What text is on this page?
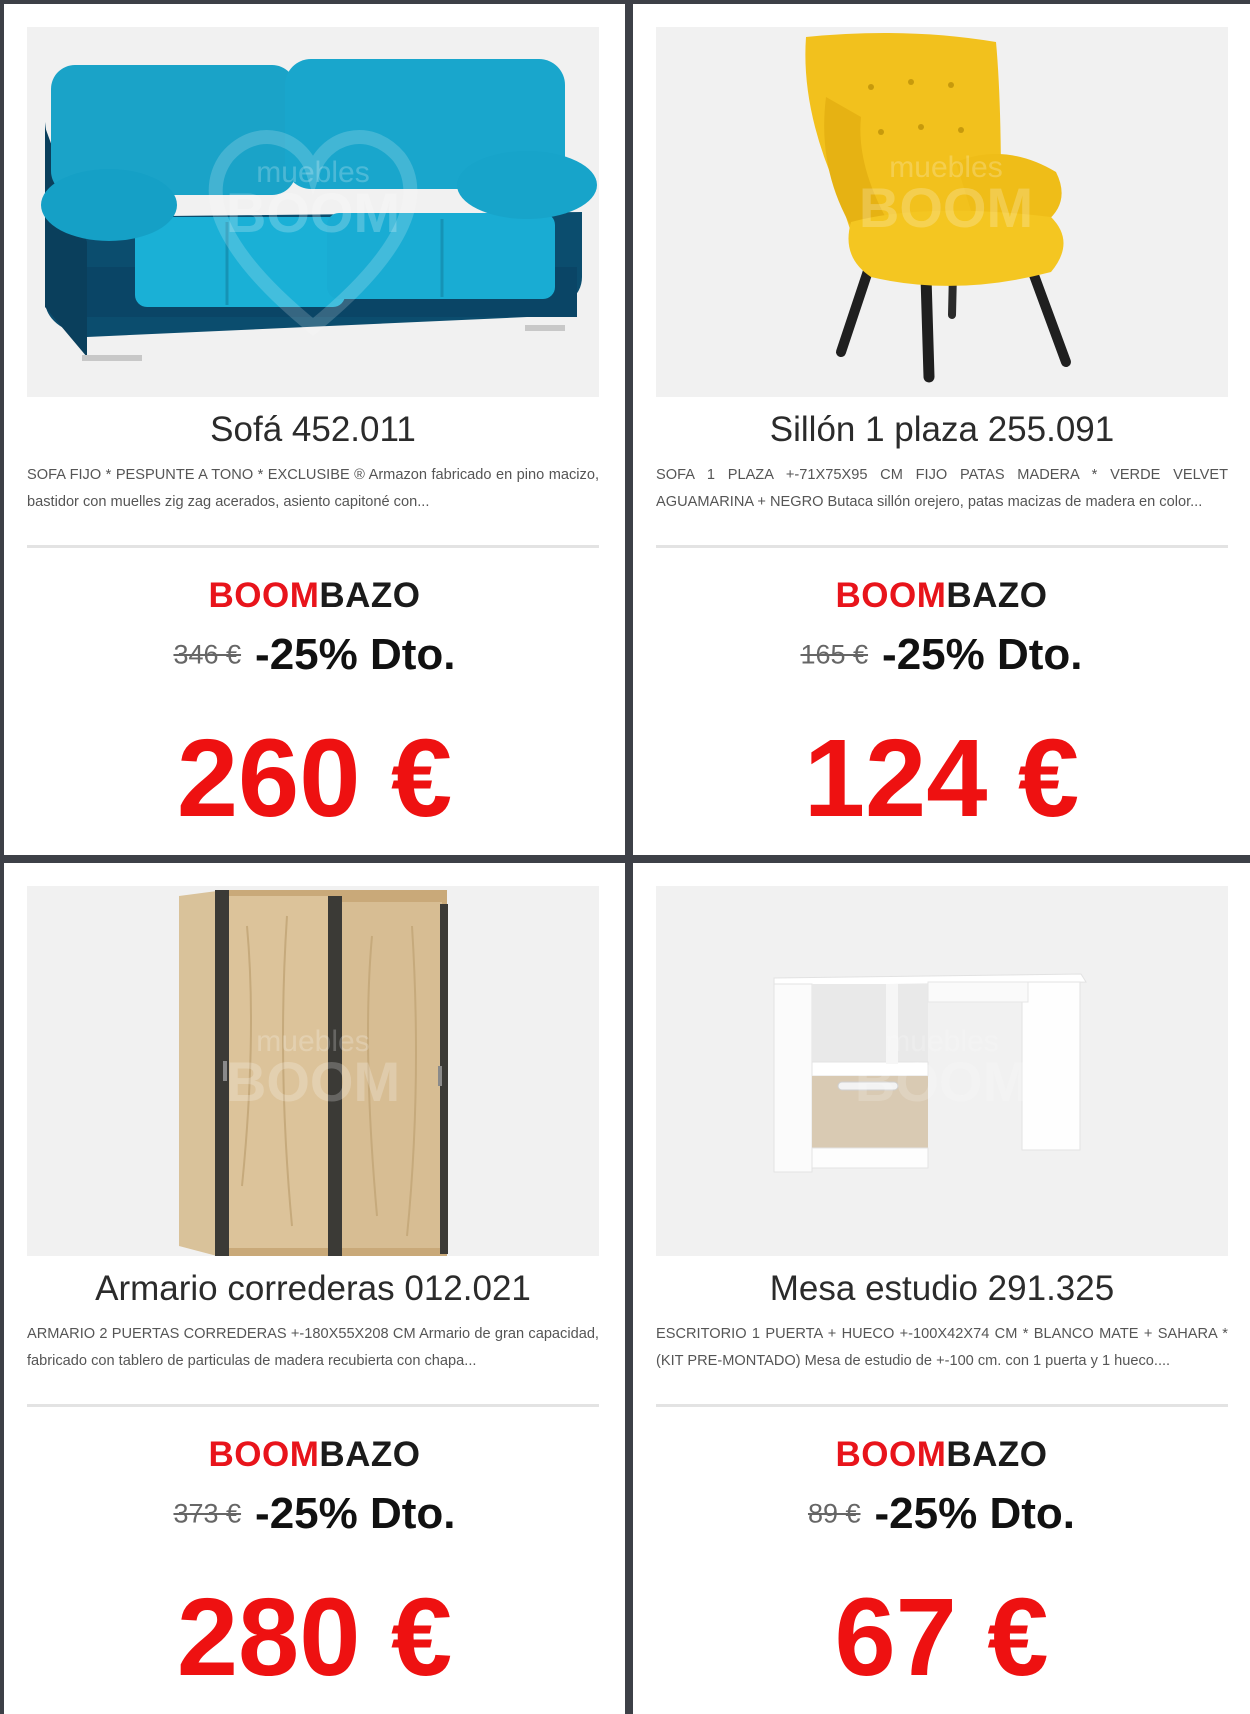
muebles
BOOM
Sofá 452.011
SOFA FIJO * PESPUNTE A TONO * EXCLUSIBE ® Armazon fabricado en pino macizo, bastidor con muelles zig zag acerados, asiento capitoné con...
BOOMBAZO
346 € -25% Dto.
260 €
muebles
BOOM
Sillón 1 plaza 255.091
SOFA 1 PLAZA +-71X75X95 CM FIJO PATAS MADERA * VERDE VELVET AGUAMARINA + NEGRO Butaca sillón orejero, patas macizas de madera en color...
BOOMBAZO
165 € -25% Dto.
124 €
muebles
BOOM
Armario correderas 012.021
ARMARIO 2 PUERTAS CORREDERAS +-180X55X208 CM Armario de gran capacidad, fabricado con tablero de particulas de madera recubierta con chapa...
BOOMBAZO
373 € -25% Dto.
280 €
muebles
BOOM
Mesa estudio 291.325
ESCRITORIO 1 PUERTA + HUECO +-100X42X74 CM * BLANCO MATE + SAHARA * (KIT PRE-MONTADO) Mesa de estudio de +-100 cm. con 1 puerta y 1 hueco....
BOOMBAZO
89 € -25% Dto.
67 €
